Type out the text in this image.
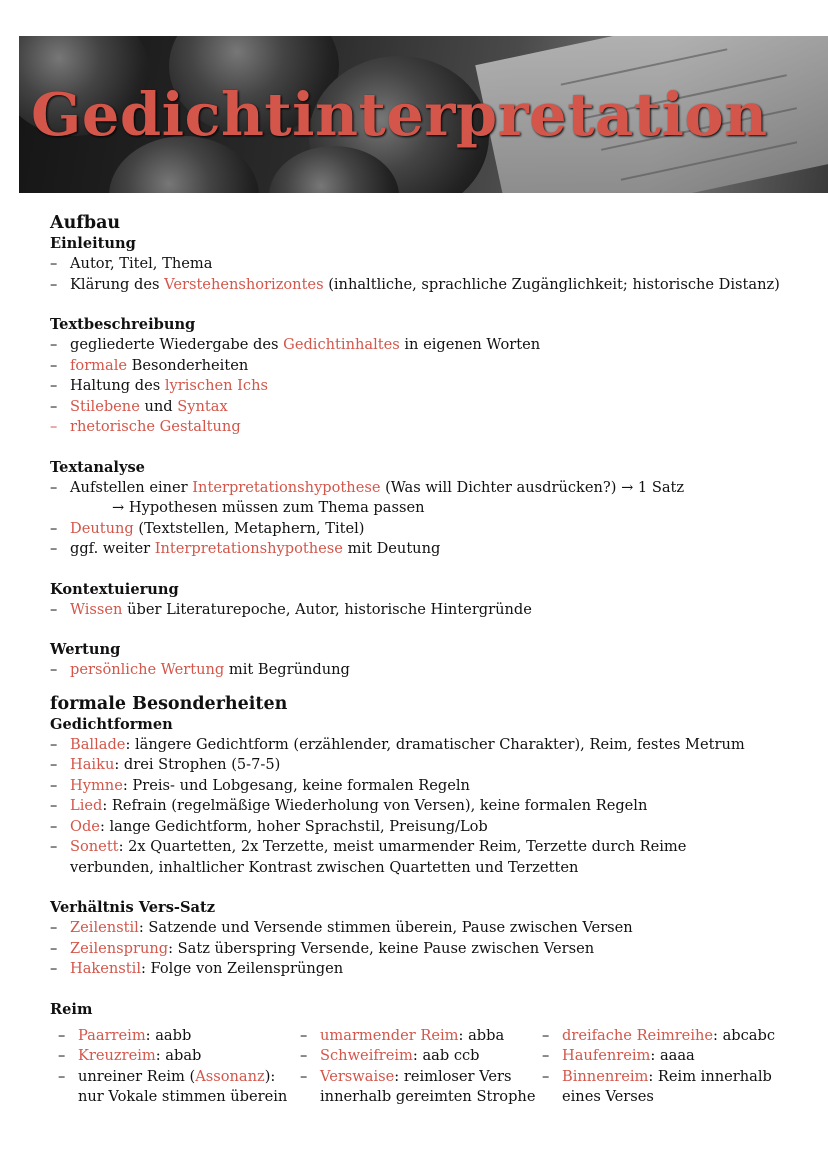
Gedichtinterpretation
Aufbau
Einleitung
– Autor, Titel, Thema
– Klärung des Verstehenshorizontes (inhaltliche, sprachliche Zugänglichkeit; historische Distanz)
Textbeschreibung
– gegliederte Wiedergabe des Gedichtinhaltes in eigenen Worten
– formale Besonderheiten
– Haltung des lyrischen Ichs
– Stilebene und Syntax
– rhetorische Gestaltung
Textanalyse
– Aufstellen einer Interpretationshypothese (Was will Dichter ausdrücken?) → 1 Satz
→ Hypothesen müssen zum Thema passen
– Deutung (Textstellen, Metaphern, Titel)
– ggf. weiter Interpretationshypothese mit Deutung
Kontextuierung
– Wissen über Literaturepoche, Autor, historische Hintergründe
Wertung
– persönliche Wertung mit Begründung
formale Besonderheiten
Gedichtformen
– Ballade: längere Gedichtform (erzählender, dramatischer Charakter), Reim, festes Metrum
– Haiku: drei Strophen (5-7-5)
– Hymne: Preis- und Lobgesang, keine formalen Regeln
– Lied: Refrain (regelmäßige Wiederholung von Versen), keine formalen Regeln
– Ode: lange Gedichtform, hoher Sprachstil, Preisung/Lob
– Sonett: 2x Quartetten, 2x Terzette, meist umarmender Reim, Terzette durch Reime verbunden, inhaltlicher Kontrast zwischen Quartetten und Terzetten
Verhältnis Vers-Satz
– Zeilenstil: Satzende und Versende stimmen überein, Pause zwischen Versen
– Zeilensprung: Satz überspring Versende, keine Pause zwischen Versen
– Hakenstil: Folge von Zeilensprüngen
Reim
– Paarreim: aabb
– Kreuzreim: abab
– unreiner Reim (Assonanz): nur Vokale stimmen überein
– umarmender Reim: abba
– Schweifreim: aab ccb
– Verswaise: reimloser Vers innerhalb gereimten Strophe
– dreifache Reimreihe: abcabc
– Haufenreim: aaaa
– Binnenreim: Reim innerhalb eines Verses
